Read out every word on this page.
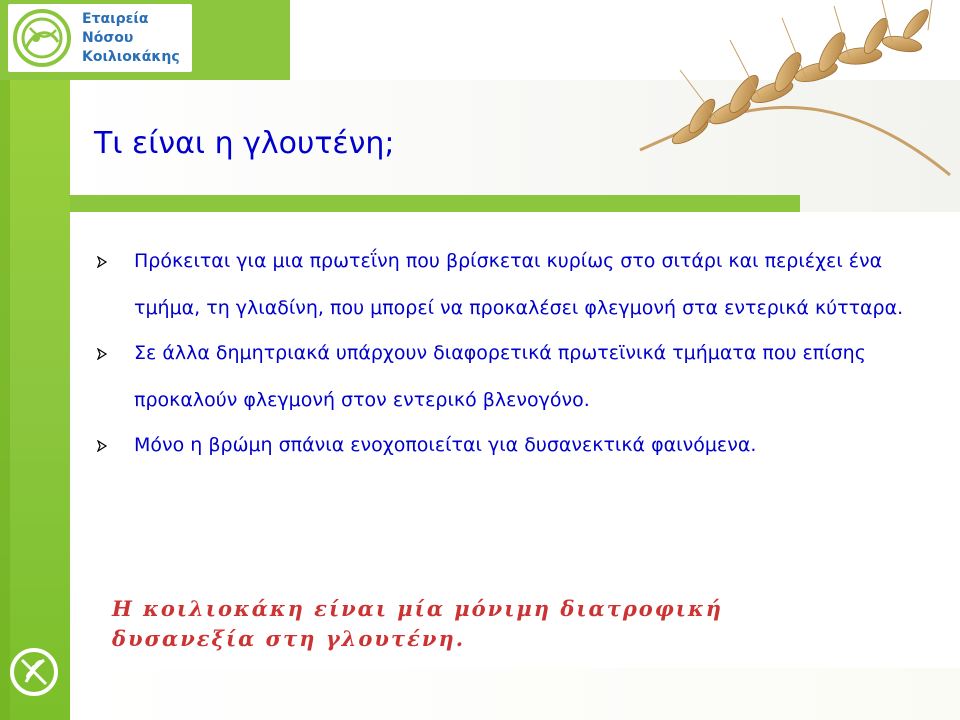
Εταιρεία
Νόσου
Κοιλιοκάκης
Τι είναι η γλουτένη;
Πρόκειται για μια πρωτεΐνη που βρίσκεται κυρίως στο σιτάρι και περιέχει ένα τμήμα, τη γλιαδίνη, που μπορεί να προκαλέσει φλεγμονή στα εντερικά κύτταρα.
Σε άλλα δημητριακά υπάρχουν διαφορετικά πρωτεϊνικά τμήματα που επίσης προκαλούν φλεγμονή στον εντερικό βλενογόνο.
Μόνο η βρώμη σπάνια ενοχοποιείται για δυσανεκτικά φαινόμενα.
Η κοιλιοκάκη είναι μία μόνιμη διατροφική
δυσανεξία στη γλουτένη.
